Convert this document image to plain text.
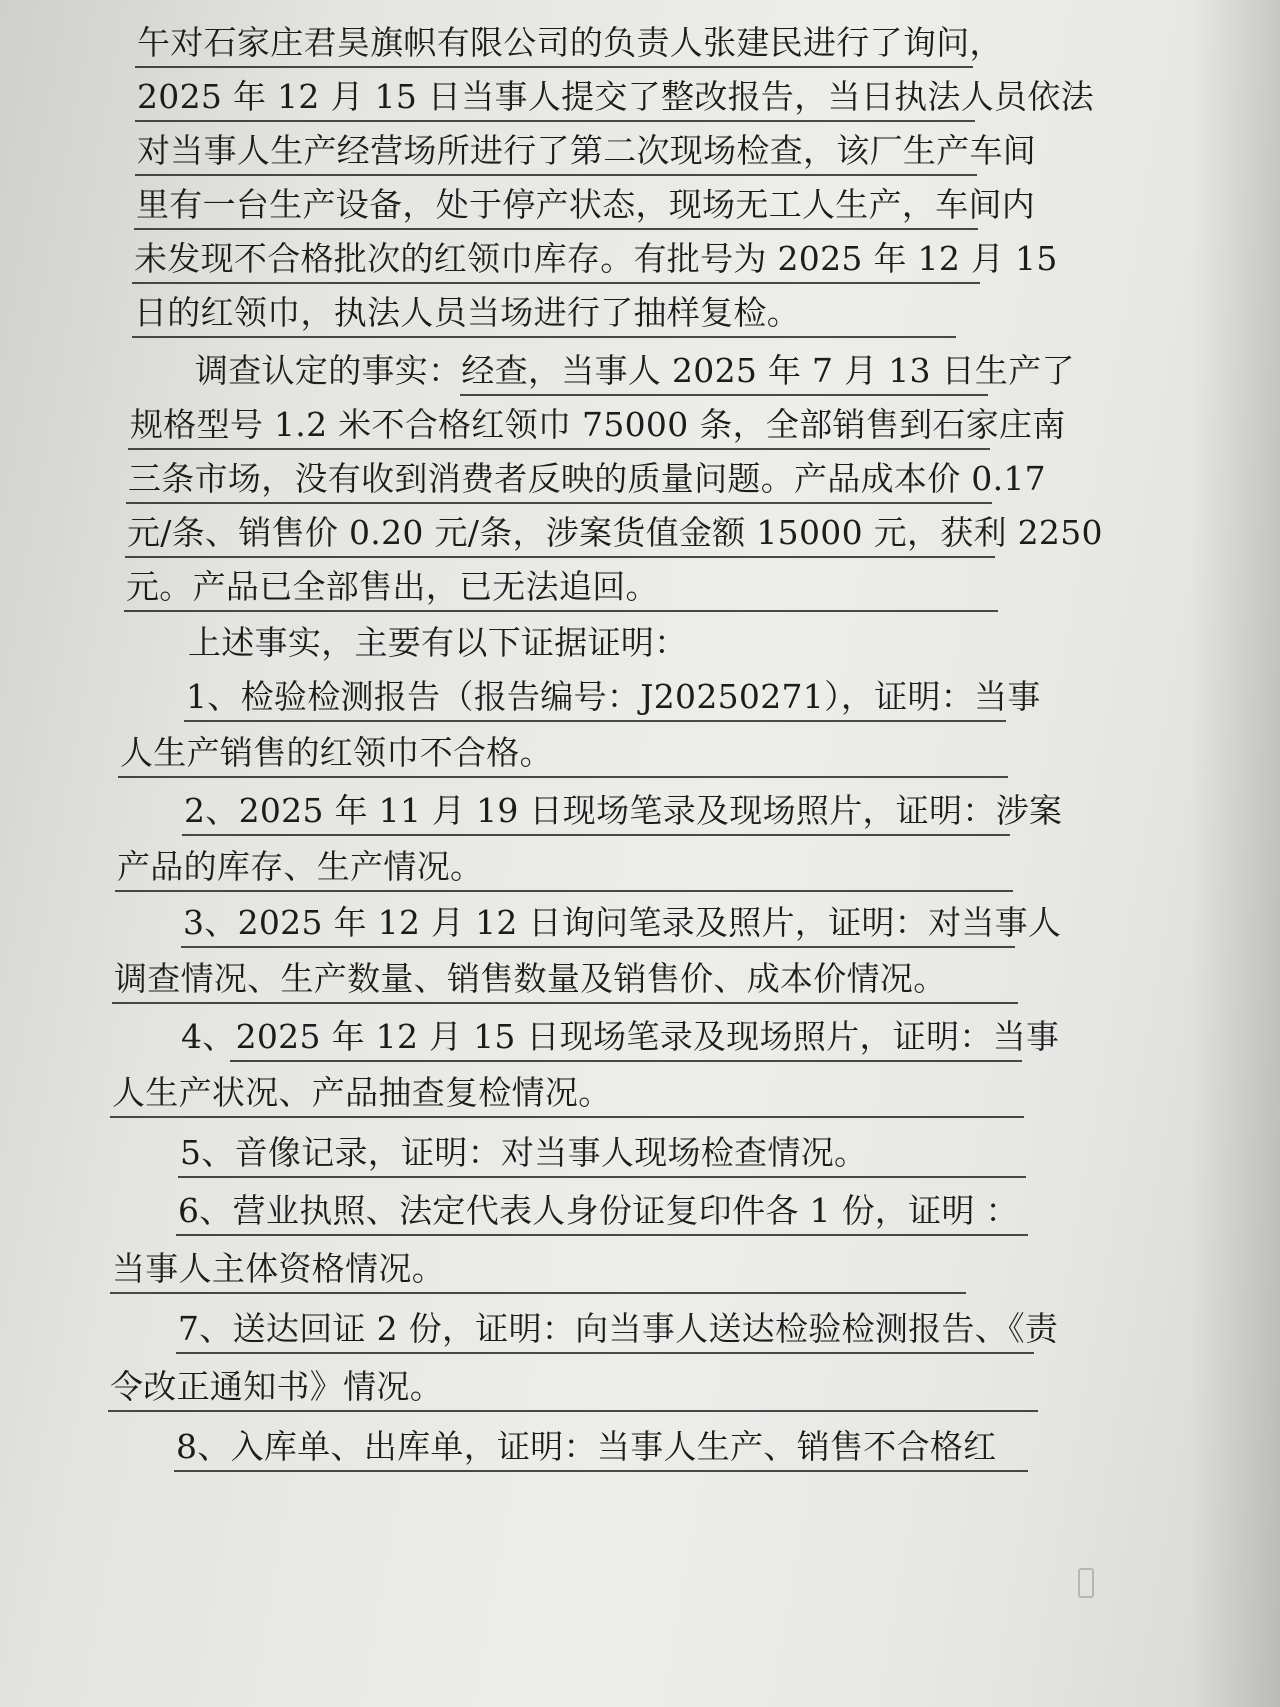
午对石家庄君昊旗帜有限公司的负责人张建民进行了询问，
2025 年 12 月 15 日当事人提交了整改报告，当日执法人员依法
对当事人生产经营场所进行了第二次现场检查，该厂生产车间
里有一台生产设备，处于停产状态，现场无工人生产，车间内
未发现不合格批次的红领巾库存。有批号为 2025 年 12 月 15
日的红领巾，执法人员当场进行了抽样复检。
调查认定的事实：经查，当事人 2025 年 7 月 13 日生产了
规格型号 1.2 米不合格红领巾 75000 条，全部销售到石家庄南
三条市场，没有收到消费者反映的质量问题。产品成本价 0.17
元/条、销售价 0.20 元/条，涉案货值金额 15000 元，获利 2250
元。产品已全部售出，已无法追回。
上述事实，主要有以下证据证明：
1、检验检测报告（报告编号：J20250271），证明：当事
人生产销售的红领巾不合格。
2、2025 年 11 月 19 日现场笔录及现场照片，证明：涉案
产品的库存、生产情况。
3、2025 年 12 月 12 日询问笔录及照片，证明：对当事人
调查情况、生产数量、销售数量及销售价、成本价情况。
4、2025 年 12 月 15 日现场笔录及现场照片，证明：当事
人生产状况、产品抽查复检情况。
5、音像记录，证明：对当事人现场检查情况。
6、营业执照、法定代表人身份证复印件各 1 份，证明 ：
当事人主体资格情况。
7、送达回证 2 份，证明：向当事人送达检验检测报告、《责
令改正通知书》情况。
8、入库单、出库单，证明：当事人生产、销售不合格红
